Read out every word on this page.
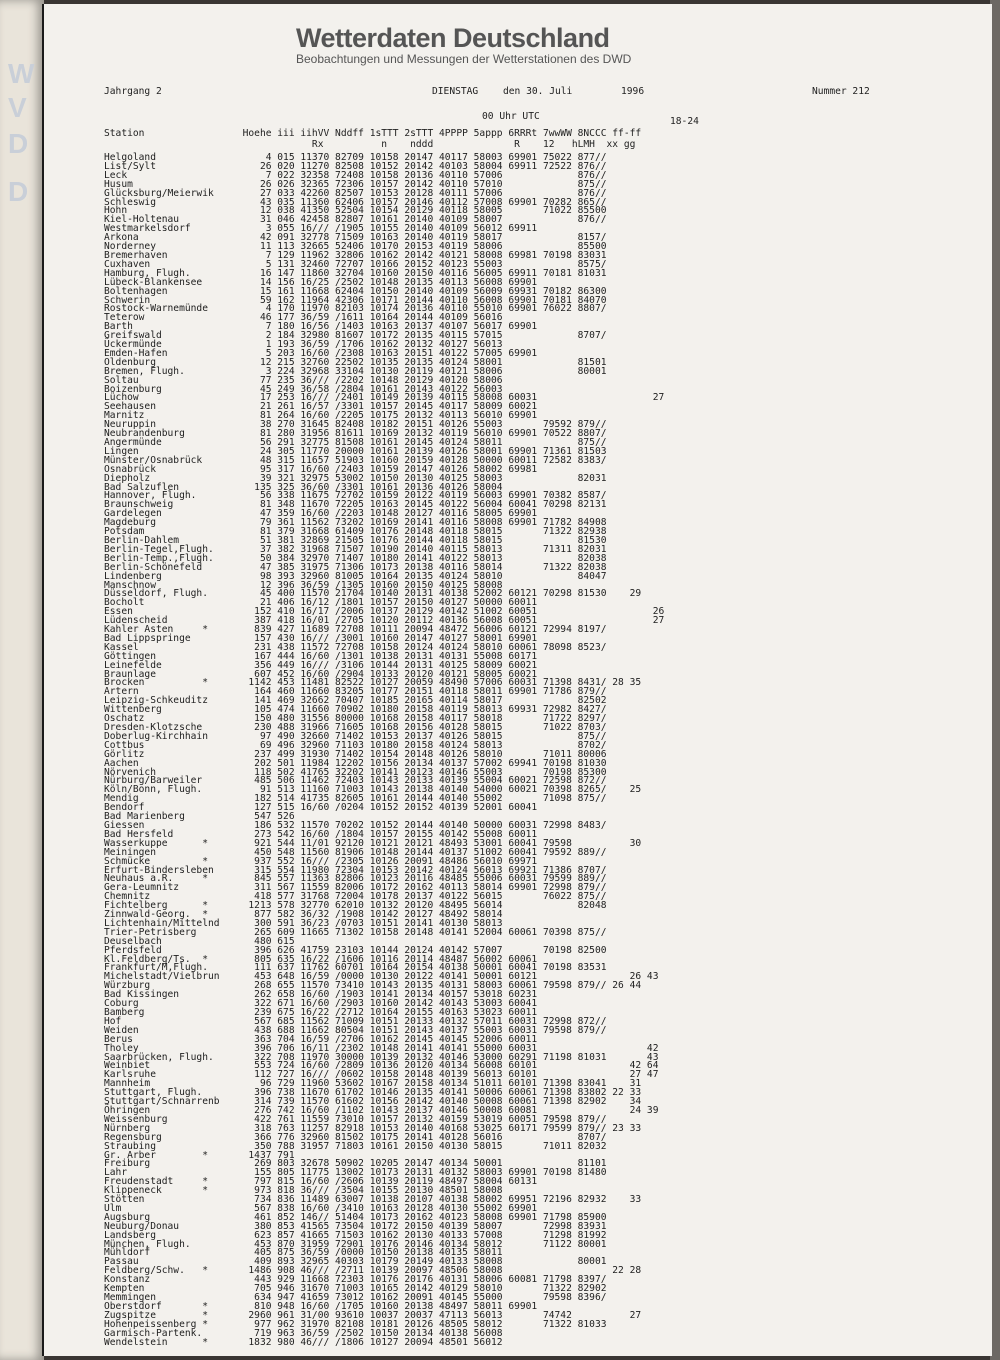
W
V
D
D
Wetterdaten Deutschland
Beobachtungen und Messungen der Wetterstationen des DWD
Jahrgang 2	DIENSTAG	den 30. Juli	1996	Nummer 212
00 Uhr UTC	18-24
Station                 Hoehe iii iihVV Nddff 1sTTT 2sTTT 4PPPP 5appp 6RRRt 7wwWW 8NCCC ff-ff
Rx          n    nddd              R    12   hLMH  xx gg
Helgoland                   4 015 11370 82709 10158 20147 40117 58003 69901 75022 877//
List/Sylt                  26 020 11270 82508 10152 20142 40103 58004 69911 72522 876//
Leck                        7 022 32358 72408 10158 20136 40110 57006             876//
Husum                      26 026 32365 72306 10157 20142 40110 57010             875//
Glücksburg/Meierwik        27 033 42260 82507 10153 20128 40111 57006             876//
Schleswig                  43 035 11360 62406 10157 20146 40112 57008 69901 70282 865//
Hohn                       12 038 41350 52504 10154 20129 40118 58005       71022 85500
Kiel-Holtenau              31 046 42458 82807 10161 20140 40109 58007             876//
Westmarkelsdorf             3 055 16/// /1905 10155 20140 40109 56012 69911
Arkona                     42 091 32778 71509 10163 20140 40119 58017             8157/
Norderney                  11 113 32665 52406 10170 20153 40119 58006             85500
Bremerhaven                 7 129 11962 32806 10162 20142 40121 58008 69981 70198 83031
Cuxhaven                    5 131 32460 72707 10166 20152 40123 55003             8575/
Hamburg, Flugh.            16 147 11860 32704 10160 20150 40116 56005 69911 70181 81031
Lübeck-Blankensee          14 156 16/25 /2502 10148 20135 40113 56008 69901
Boltenhagen                15 161 11668 62404 10150 20140 40109 56009 69931 70182 86300
Schwerin                   59 162 11964 42306 10171 20144 40110 56008 69901 70181 84070
Rostock-Warnemünde          4 170 11970 82103 10174 20136 40110 55010 69901 76022 8807/
Teterow                    46 177 36/59 /1611 10164 20144 40109 56016
Barth                       7 180 16/56 /1403 10163 20137 40107 56017 69901
Greifswald                  2 184 32980 81607 10172 20135 40115 57015             8707/
Ückermünde                  1 193 36/59 /1706 10162 20132 40127 56013
Emden-Hafen                 5 203 16/60 /2308 10163 20151 40122 57005 69901
Oldenburg                  12 215 32760 22502 10135 20135 40124 58001             81501
Bremen, Flugh.              3 224 32968 33104 10130 20119 40121 58006             80001
Soltau                     77 235 36/// /2202 10148 20129 40120 58006
Boizenburg                 45 249 36/58 /2804 10161 20143 40122 56003
Lüchow                     17 253 16/// /2401 10149 20139 40115 58008 60031                    27
Seehausen                  21 261 16/57 /3301 10157 20145 40117 58009 60021
Marnitz                    81 264 16/60 /2205 10175 20132 40113 56010 69901
Neuruppin                  38 270 31645 82408 10182 20151 40126 55003       79592 879//
Neubrandenburg             81 280 31956 81611 10169 20132 40119 56010 69901 70522 8807/
Angermünde                 56 291 32775 81508 10161 20145 40124 58011             875//
Lingen                     24 305 11770 20000 10161 20139 40126 58001 69901 71361 81503
Münster/Osnabrück          48 315 11657 51903 10160 20159 40128 50000 60011 72582 8383/
Osnabrück                  95 317 16/60 /2403 10159 20147 40126 58002 69981
Diepholz                   39 321 32975 53002 10150 20130 40125 58003             82031
Bad Salzuflen             135 325 36/60 /3301 10161 20136 40126 58004
Hannover, Flugh.           56 338 11675 72702 10159 20122 40119 56003 69901 70382 8587/
Braunschweig               81 348 11670 72205 10163 20145 40122 56004 60041 70298 82131
Gardelegen                 47 359 16/60 /2203 10148 20127 40116 58005 69901
Magdeburg                  79 361 11562 73202 10169 20141 40116 58008 69901 71782 84908
Potsdam                    81 379 31668 61409 10176 20148 40118 58015       71322 82938
Berlin-Dahlem              51 381 32869 21505 10176 20144 40118 58015             81530
Berlin-Tegel,Flugh.        37 382 31968 71507 10190 20140 40115 58013       71311 82031
Berlin-Temp.,Flugh.        50 384 32970 71407 10180 20141 40122 58013             82038
Berlin-Schönefeld          47 385 31975 71306 10173 20138 40116 58014       71322 82038
Lindenberg                 98 393 32960 81005 10164 20135 40124 58010             84047
Manschnow                  12 396 36/59 /1305 10160 20150 40125 58008
Düsseldorf, Flugh.         45 400 11570 21704 10140 20131 40138 52002 60121 70298 81530    29
Bocholt                    21 406 16/12 /1801 10157 20150 40127 50000 60011
Essen                     152 410 16/17 /2006 10137 20129 40142 51002 60051                    26
Lüdenscheid               387 418 16/01 /2705 10120 20112 40136 56008 60051                    27
Kahler Asten     *        839 427 11689 72708 10111 20094 48472 56006 60121 72994 8197/
Bad Lippspringe           157 430 16/// /3001 10160 20147 40127 58001 69901
Kassel                    231 438 11572 72708 10158 20124 40124 58010 60061 78098 8523/
Göttingen                 167 444 16/60 /1301 10138 20131 40131 55008 60171
Leinefelde                356 449 16/// /3106 10144 20131 40125 58009 60021
Braunlage                 607 452 16/60 /2904 10133 20120 40121 58005 60021
Brocken          *       1142 453 11481 82522 10127 20059 48490 57006 60031 71398 8431/ 28 35
Artern                    164 460 11660 83205 10177 20151 40118 58011 69901 71786 879//
Leipzig-Schkeuditz        141 469 32662 70407 10185 20165 40114 58017             82502
Wittenberg                105 474 11660 70902 10180 20158 40119 58013 69931 72982 8427/
Oschatz                   150 480 31556 80000 10168 20158 40117 58018       71722 8297/
Dresden-Klotzsche         230 488 31966 71605 10168 20156 40128 58015       71022 8703/
Doberlug-Kirchhain         97 490 32660 71402 10153 20137 40126 58015             875//
Cottbus                    69 496 32960 71103 10180 20158 40124 58013             8702/
Görlitz                   237 499 31930 71402 10154 20148 40126 58010       71011 80006
Aachen                    202 501 11984 12202 10156 20134 40137 57002 69941 70198 81030
Nörvenich                 118 502 41765 32202 10141 20123 40146 55003       70198 85300
Nürburg/Barweiler         485 506 11462 72403 10143 20133 40139 55004 60021 72598 872//
Köln/Bonn, Flugh.          91 513 11160 71003 10143 20138 40140 54000 60021 70398 8265/    25
Mendig                    182 514 41735 82605 10161 20144 40140 55002       71098 875//
Bendorf                   127 515 16/60 /0204 10152 20152 40139 52001 60041
Bad Marienberg            547 526
Giessen                   186 532 11570 70202 10152 20144 40140 50000 60031 72998 8483/
Bad Hersfeld              273 542 16/60 /1804 10157 20155 40142 55008 60011
Wasserkuppe      *        921 544 11/01 92120 10121 20121 48493 53001 60041 79598          30
Meiningen                 450 548 11560 81906 10148 20144 40137 51002 60041 79592 889//
Schmücke         *        937 552 16/// /2305 10126 20091 48486 56010 69971
Erfurt-Bindersleben       315 554 11980 72304 10153 20142 40124 56013 69921 71386 8707/
Neuhaus a.R.     *        845 557 11363 82806 10123 20116 48485 55006 60031 79599 889//
Gera-Leumnitz             311 567 11559 82006 10172 20162 40113 58014 69901 72998 879//
Chemnitz                  418 577 31768 72004 10178 20137 40122 56015       76022 875//
Fichtelberg      *       1213 578 32770 62010 10132 20120 48495 56014             82048
Zinnwald-Georg.  *        877 582 36/32 /1908 10142 20127 48492 58014
Lichtenhain/Mittelnd      300 591 36/23 /0703 10151 20141 40130 58013
Trier-Petrisberg          265 609 11665 71302 10158 20148 40141 52004 60061 70398 875//
Deuselbach                480 615
Pferdsfeld                396 626 41759 23103 10144 20124 40142 57007       70198 82500
Kl.Feldberg/Ts.  *        805 635 16/22 /1606 10116 20114 48487 56002 60061
Frankfurt/M,Flugh.        111 637 11762 60701 10164 20154 40138 50001 60041 70198 83531
Michelstadt/Vielbrun      453 648 16/59 /0000 10130 20122 40141 50001 60121                26 43
Würzburg                  268 655 11570 73410 10143 20135 40131 58003 60061 79598 879// 26 44
Bad Kissingen             262 658 16/60 /1903 10141 20134 40157 53018 60231
Coburg                    322 671 16/60 /2903 10160 20142 40143 53003 60041
Bamberg                   239 675 16/22 /2712 10164 20155 40163 53023 60011
Hof                       567 685 11562 71009 10151 20133 40132 57011 60031 72998 872//
Weiden                    438 688 11662 80504 10151 20143 40137 55003 60031 79598 879//
Berus                     363 704 16/59 /2706 10162 20145 40145 52006 60011
Tholey                    396 706 16/11 /2302 10148 20141 40141 55000 60031                   42
Saarbrücken, Flugh.       322 708 11970 30000 10139 20132 40146 53000 60291 71198 81031       43
Weinbiet                  553 724 16/60 /2809 10136 20120 40134 56008 60101                42 64
Karlsruhe                 112 727 16/// /0602 10158 20148 40139 56013 60101                27 47
Mannheim                   96 729 11960 53602 10167 20158 40134 51011 60101 71398 83041    31
Stuttgart, Flugh.         396 738 11670 61702 10146 20135 40141 50006 60061 71398 83802 22 33
Stuttgart/Schnarrenb      314 739 11570 61602 10156 20142 40140 50008 60061 71398 82902    34
Öhringen                  276 742 16/60 /1102 10143 20137 40146 50008 60081                24 39
Weissenburg               422 761 11559 73010 10157 20132 40159 53019 60051 79598 879//
Nürnberg                  318 763 11257 82918 10153 20140 40168 53025 60171 79599 879// 23 33
Regensburg                366 776 32960 81502 10175 20141 40128 56016             8707/
Straubing                 350 788 31957 71803 10161 20150 40130 58015       71011 82032
Gr. Arber        *       1437 791
Freiburg                  269 803 32678 50902 10205 20147 40134 50001             81101
Lahr                      155 805 11775 13002 10173 20131 40132 58003 69901 70198 81480
Freudenstadt     *        797 815 16/60 /2606 10139 20119 48497 58004 60131
Klippeneck       *        973 818 36/// /3504 10155 20130 48501 58008
Stötten                   734 836 11489 63007 10138 20107 40138 58002 69951 72196 82932    33
Ulm                       567 838 16/60 /3410 10163 20128 40130 55002 69901
Augsburg                  461 852 146// 51404 10173 20162 40123 58008 69901 71798 85900
Neuburg/Donau             380 853 41565 73504 10172 20150 40139 58007       72998 83931
Landsberg                 623 857 41665 71503 10162 20130 40133 57008       71298 81992
München, Flugh.           453 870 31959 72901 10176 20146 40134 58012       71122 80001
Mühldorf                  405 875 36/59 /0000 10150 20138 40135 58011
Passau                    409 893 32965 40303 10179 20149 40133 58008             80001
Feldberg/Schw.   *       1486 908 46/// /2711 10139 20097 48506 58008                   22 28
Konstanz                  443 929 11668 72303 10176 20176 40131 58006 60081 71798 8397/
Kempten                   705 946 31670 71003 10165 20142 40129 58010       71322 82902
Memmingen                 634 947 41659 73012 10162 20091 40145 55000       79598 8396/
Oberstdorf       *        810 948 16/60 /1705 10160 20138 48497 58011 69901
Zugspitze        *       2960 961 31/00 93610 10037 20037 47113 56013       74742          27
Hohenpeissenberg *        977 962 31970 82108 10181 20126 48505 58012       71322 81033
Garmisch-Partenk.         719 963 36/59 /2502 10150 20134 40138 56008
Wendelstein      *       1832 980 46/// /1806 10127 20094 48501 56012
